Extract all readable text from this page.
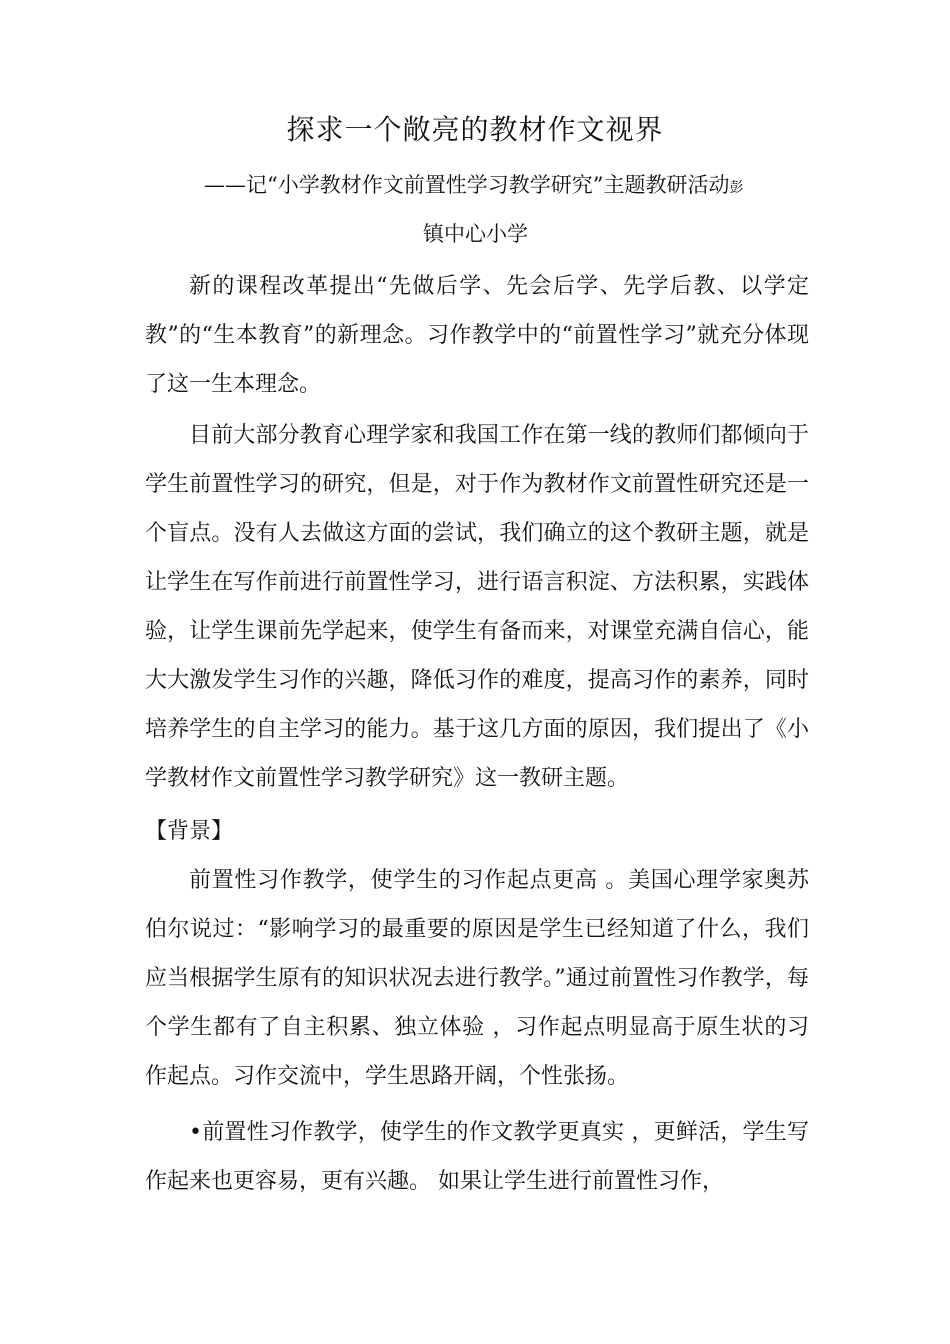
探求一个敞亮的教材作文视界
——记“小学教材作文前置性学习教学研究”主题教研活动彭
镇中心小学

新的课程改革提出“先做后学、先会后学、先学后教、以学定教”的“生本教育”的新理念。习作教学中的“前置性学习”就充分体现了这一生本理念。

目前大部分教育心理学家和我国工作在第一线的教师们都倾向于学生前置性学习的研究，但是，对于作为教材作文前置性研究还是一个盲点。没有人去做这方面的尝试，我们确立的这个教研主题，就是让学生在写作前进行前置性学习，进行语言积淀、方法积累，实践体验，让学生课前先学起来，使学生有备而来，对课堂充满自信心，能大大激发学生习作的兴趣，降低习作的难度，提高习作的素养，同时培养学生的自主学习的能力。基于这几方面的原因，我们提出了《小学教材作文前置性学习教学研究》这一教研主题。

【背景】

前置性习作教学，使学生的习作起点更高 。美国心理学家奥苏伯尔说过：“影响学习的最重要的原因是学生已经知道了什么，我们应当根据学生原有的知识状况去进行教学。”通过前置性习作教学，每个学生都有了自主积累、独立体验 ，习作起点明显高于原生状的习作起点。习作交流中，学生思路开阔，个性张扬。

•前置性习作教学，使学生的作文教学更真实 ，更鲜活，学生写作起来也更容易，更有兴趣。 如果让学生进行前置性习作，
